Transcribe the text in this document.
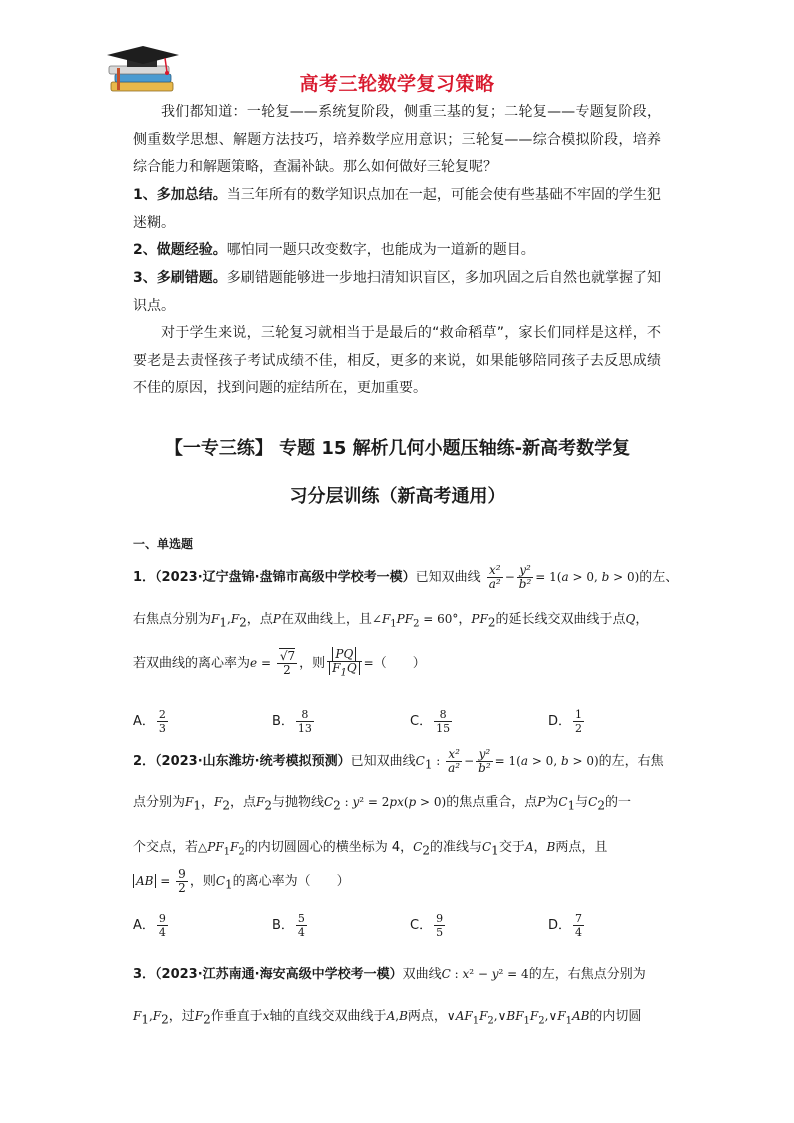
高考三轮数学复习策略

我们都知道：一轮复——系统复阶段，侧重三基的复；二轮复——专题复阶段，侧重数学思想、解题方法技巧，培养数学应用意识；三轮复——综合模拟阶段，培养综合能力和解题策略，查漏补缺。那么如何做好三轮复呢？

1、多加总结。当三年所有的数学知识点加在一起，可能会使有些基础不牢固的学生犯迷糊。

2、做题经验。哪怕同一题只改变数字，也能成为一道新的题目。

3、多刷错题。多刷错题能够进一步地扫清知识盲区，多加巩固之后自然也就掌握了知识点。

对于学生来说，三轮复习就相当于是最后的“救命稻草”，家长们同样是这样，不要老是去责怪孩子考试成绩不佳，相反，更多的来说，如果能够陪同孩子去反思成绩不佳的原因，找到问题的症结所在，更加重要。

【一专三练】 专题 15 解析几何小题压轴练-新高考数学复
习分层训练（新高考通用）
一、单选题
1．（2023·辽宁盘锦·盘锦市高级中学校考一模）已知双曲线 $\frac{\text{x²}}{\text{a²}} - \frac{\text{y²}}{\text{b²}} = 1(a > 0$, b > 0)的左、
右焦点分别为$F_1,F_2$，点P在双曲线上，且$\angle F_1PF_2 = 60^\circ$，$PF_2$的延长线交双曲线于点Q，
若双曲线的离心率为$e = \frac{√7}{2}$ ，则 $\frac{PQ}{F_1Q}$ =（　　）
A． $\frac{2}{3}$	B． $\frac{8}{13}$	C． $\frac{8}{15}$	D． $\frac{1}{2}$
2．（2023·山东潍坊·统考模拟预测）已知双曲线$C_1$ : $\frac{\text{x²}}{\text{a²}} - \frac{\text{y²}}{\text{b²}} = 1(a > 0$, b > 0)的左，右焦
点分别为$F_1$，$F_2$，点$F_2$与抛物线$C_2$ : y² = 2px(p > 0)的焦点重合，点P为$C_1$与$C_2$的一
个交点，若$\triangle PF_1F_2$的内切圆圆心的横坐标为 4，$C_2$的准线与$C_1$交于A，B两点，且
AB = $\frac{9}{2}$ ，则$C_1$的离心率为（　　）
A． $\frac{9}{4}$	B． $\frac{5}{4}$	C． $\frac{9}{5}$	D． $\frac{7}{4}$
3．（2023·江苏南通·海安高级中学校考一模）双曲线C : x² − y² = 4的左，右焦点分别为
$F_1,F_2$，过$F_2$作垂直于x轴的直线交双曲线于A,B两点，$\vee AF_1F_2,\vee BF_1F_2,\vee F_1AB$的内切圆
